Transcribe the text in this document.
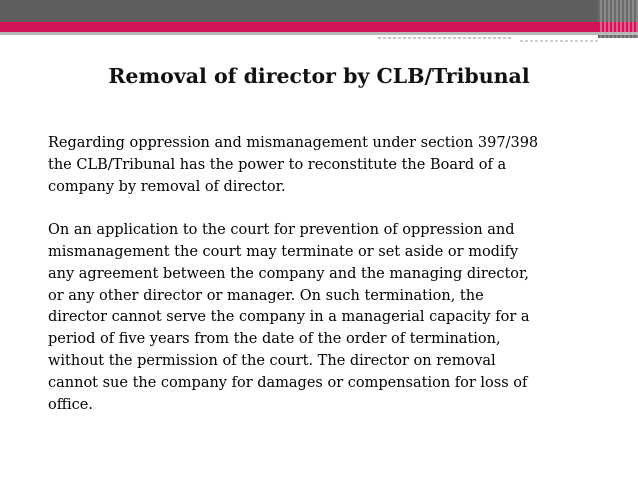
Removal of director by CLB/Tribunal

Regarding oppression and mismanagement under section 397/398
the CLB/Tribunal has the power to reconstitute the Board of a
company by removal of director.

On an application to the court for prevention of oppression and
mismanagement the court may terminate or set aside or modify
any agreement between the company and the managing director,
or any other director or manager. On such termination, the
director cannot serve the company in a managerial capacity for a
period of five years from the date of the order of termination,
without the permission of the court. The director on removal
cannot sue the company for damages or compensation for loss of
office.
